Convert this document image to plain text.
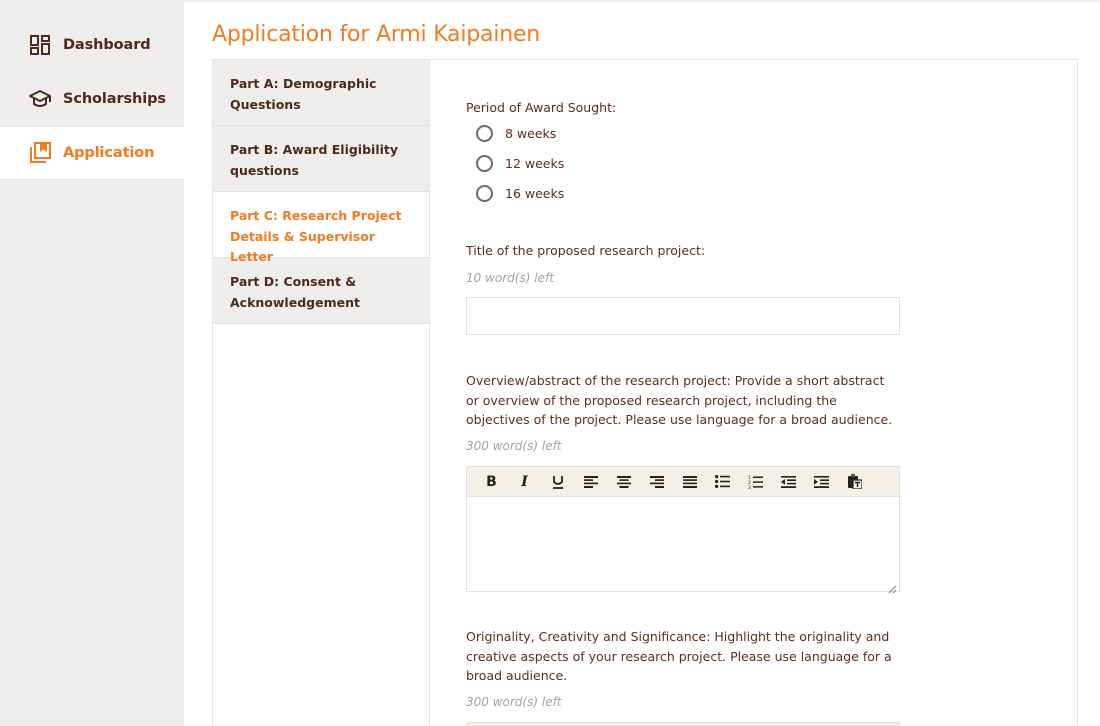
Dashboard
Scholarships
Application
Application for Armi Kaipainen
Part A: Demographic Questions
Part B: Award Eligibility questions
Part C: Research Project Details & Supervisor Letter
Part D: Consent & Acknowledgement
Period of Award Sought:
8 weeks
12 weeks
16 weeks
Title of the proposed research project:
10 word(s) left
Overview/abstract of the research project: Provide a short abstract or overview of the proposed research project, including the objectives of the project. Please use language for a broad audience.
300 word(s) left
B	I	1
2
3
Originality, Creativity and Significance: Highlight the originality and creative aspects of your research project. Please use language for a broad audience.
300 word(s) left
